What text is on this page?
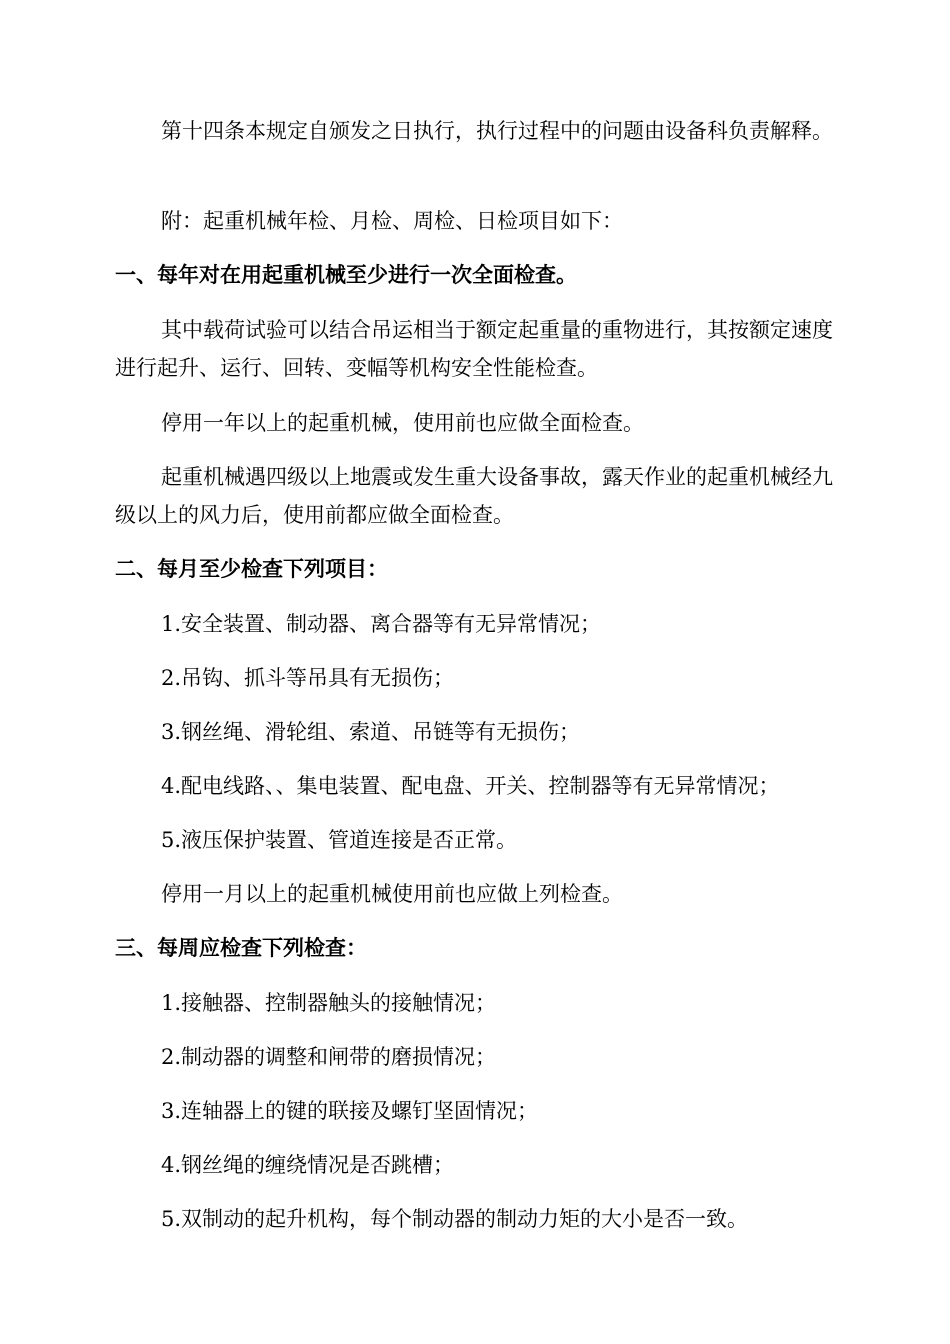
第十四条本规定自颁发之日执行，执行过程中的问题由设备科负责解释。

附：起重机械年检、月检、周检、日检项目如下：

一、每年对在用起重机械至少进行一次全面检查。

其中载荷试验可以结合吊运相当于额定起重量的重物进行，其按额定速度进行起升、运行、回转、变幅等机构安全性能检查。

停用一年以上的起重机械，使用前也应做全面检查。

起重机械遇四级以上地震或发生重大设备事故，露天作业的起重机械经九级以上的风力后，使用前都应做全面检查。

二、每月至少检查下列项目：

1.安全装置、制动器、离合器等有无异常情况；

2.吊钩、抓斗等吊具有无损伤；

3.钢丝绳、滑轮组、索道、吊链等有无损伤；

4.配电线路、、集电装置、配电盘、开关、控制器等有无异常情况；

5.液压保护装置、管道连接是否正常。

停用一月以上的起重机械使用前也应做上列检查。

三、每周应检查下列检查：

1.接触器、控制器触头的接触情况；

2.制动器的调整和闸带的磨损情况；

3.连轴器上的键的联接及螺钉坚固情况；

4.钢丝绳的缠绕情况是否跳槽；

5.双制动的起升机构，每个制动器的制动力矩的大小是否一致。
